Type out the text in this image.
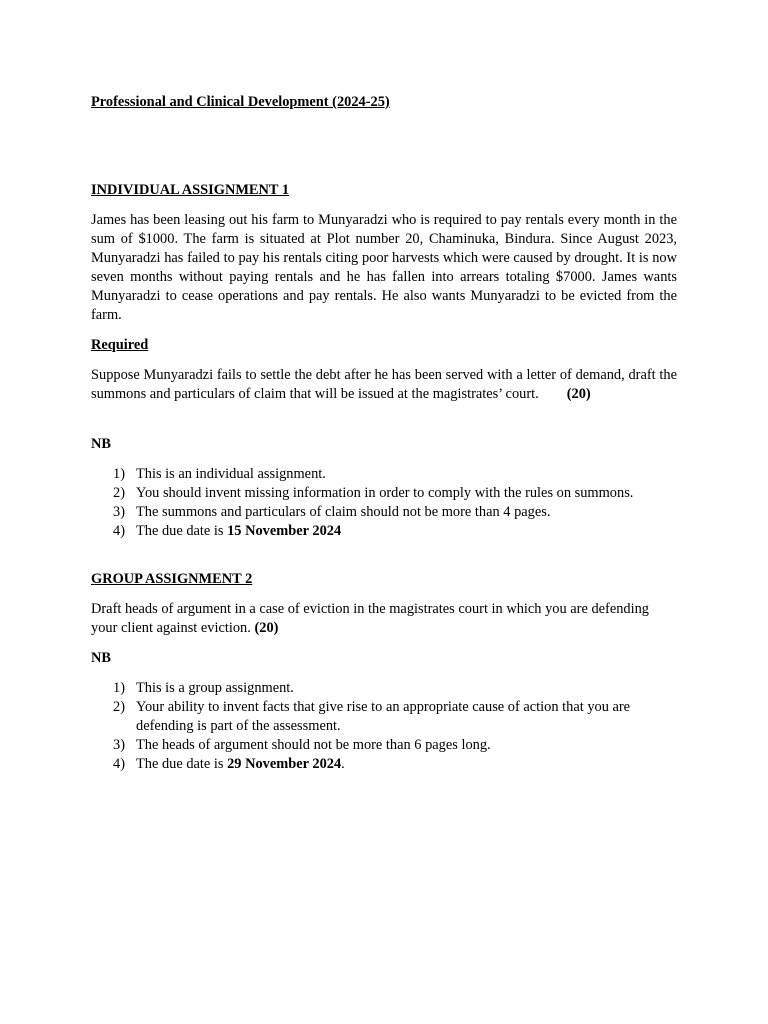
Professional and Clinical Development (2024-25)

INDIVIDUAL ASSIGNMENT 1

James has been leasing out his farm to Munyaradzi who is required to pay rentals every month in the sum of $1000. The farm is situated at Plot number 20, Chaminuka, Bindura. Since August 2023, Munyaradzi has failed to pay his rentals citing poor harvests which were caused by drought. It is now seven months without paying rentals and he has fallen into arrears totaling $7000. James wants Munyaradzi to cease operations and pay rentals. He also wants Munyaradzi to be evicted from the farm.

Required

Suppose Munyaradzi fails to settle the debt after he has been served with a letter of demand, draft the summons and particulars of claim that will be issued at the magistrates’ court. (20)

NB

1) This is an individual assignment.
2) You should invent missing information in order to comply with the rules on summons.
3) The summons and particulars of claim should not be more than 4 pages.
4) The due date is 15 November 2024

GROUP ASSIGNMENT 2

Draft heads of argument in a case of eviction in the magistrates court in which you are defending your client against eviction. (20)

NB

1) This is a group assignment.
2) Your ability to invent facts that give rise to an appropriate cause of action that you are defending is part of the assessment.
3) The heads of argument should not be more than 6 pages long.
4) The due date is 29 November 2024.
